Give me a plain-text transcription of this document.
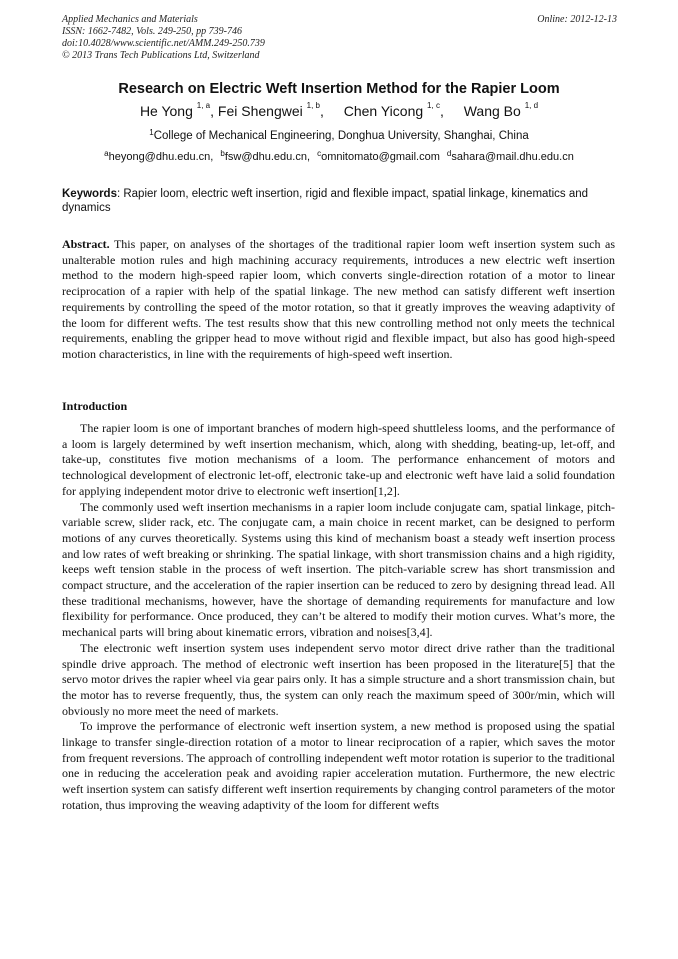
Applied Mechanics and Materials
ISSN: 1662-7482, Vols. 249-250, pp 739-746
doi:10.4028/www.scientific.net/AMM.249-250.739
© 2013 Trans Tech Publications Ltd, Switzerland
Online: 2012-12-13
Research on Electric Weft Insertion Method for the Rapier Loom
He Yong $^{1, a}$, Fei Shengwei $^{1, b}$, Chen Yicong $^{1, c}$, Wang Bo $^{1, d}$
$^1$College of Mechanical Engineering, Donghua University, Shanghai, China
$^a$heyong@dhu.edu.cn, $^b$fsw@dhu.edu.cn, $^c$omnitomato@gmail.com $^d$sahara@mail.dhu.edu.cn
Keywords: Rapier loom, electric weft insertion, rigid and flexible impact, spatial linkage, kinematics and dynamics
Abstract. This paper, on analyses of the shortages of the traditional rapier loom weft insertion system such as unalterable motion rules and high machining accuracy requirements, introduces a new electric weft insertion method to the modern high-speed rapier loom, which converts single-direction rotation of a motor to linear reciprocation of a rapier with help of the spatial linkage. The new method can satisfy different weft insertion requirements by controlling the speed of the motor rotation, so that it greatly improves the weaving adaptivity of the loom for different wefts. The test results show that this new controlling method not only meets the technical requirements, enabling the gripper head to move without rigid and flexible impact, but also has good high-speed motion characteristics, in line with the requirements of high-speed weft insertion.
Introduction

The rapier loom is one of important branches of modern high-speed shuttleless looms, and the performance of a loom is largely determined by weft insertion mechanism, which, along with shedding, beating-up, let-off, and take-up, constitutes five motion mechanisms of a loom. The performance enhancement of motors and technological development of electronic let-off, electronic take-up and electronic weft have laid a solid foundation for applying independent motor drive to electronic weft insertion[1,2].

The commonly used weft insertion mechanisms in a rapier loom include conjugate cam, spatial linkage, pitch-variable screw, slider rack, etc. The conjugate cam, a main choice in recent market, can be designed to perform motions of any curves theoretically. Systems using this kind of mechanism boast a steady weft insertion process and low rates of weft breaking or shrinking. The spatial linkage, with short transmission chains and a high rigidity, keeps weft tension stable in the process of weft insertion. The pitch-variable screw has short transmission and compact structure, and the acceleration of the rapier insertion can be reduced to zero by designing thread lead. All these traditional mechanisms, however, have the shortage of demanding requirements for manufacture and low flexibility for performance. Once produced, they can’t be altered to modify their motion curves. What’s more, the mechanical parts will bring about kinematic errors, vibration and noises[3,4].

The electronic weft insertion system uses independent servo motor direct drive rather than the traditional spindle drive approach. The method of electronic weft insertion has been proposed in the literature[5] that the servo motor drives the rapier wheel via gear pairs only. It has a simple structure and a short transmission chain, but the motor has to reverse frequently, thus, the system can only reach the maximum speed of 300r/min, which will obviously no more meet the need of markets.

To improve the performance of electronic weft insertion system, a new method is proposed using the spatial linkage to transfer single-direction rotation of a motor to linear reciprocation of a rapier, which saves the motor from frequent reversions. The approach of controlling independent weft motor rotation is superior to the traditional one in reducing the acceleration peak and avoiding rapier acceleration mutation. Furthermore, the new electric weft insertion system can satisfy different weft insertion requirements by changing control parameters of the motor rotation, thus improving the weaving adaptivity of the loom for different wefts
